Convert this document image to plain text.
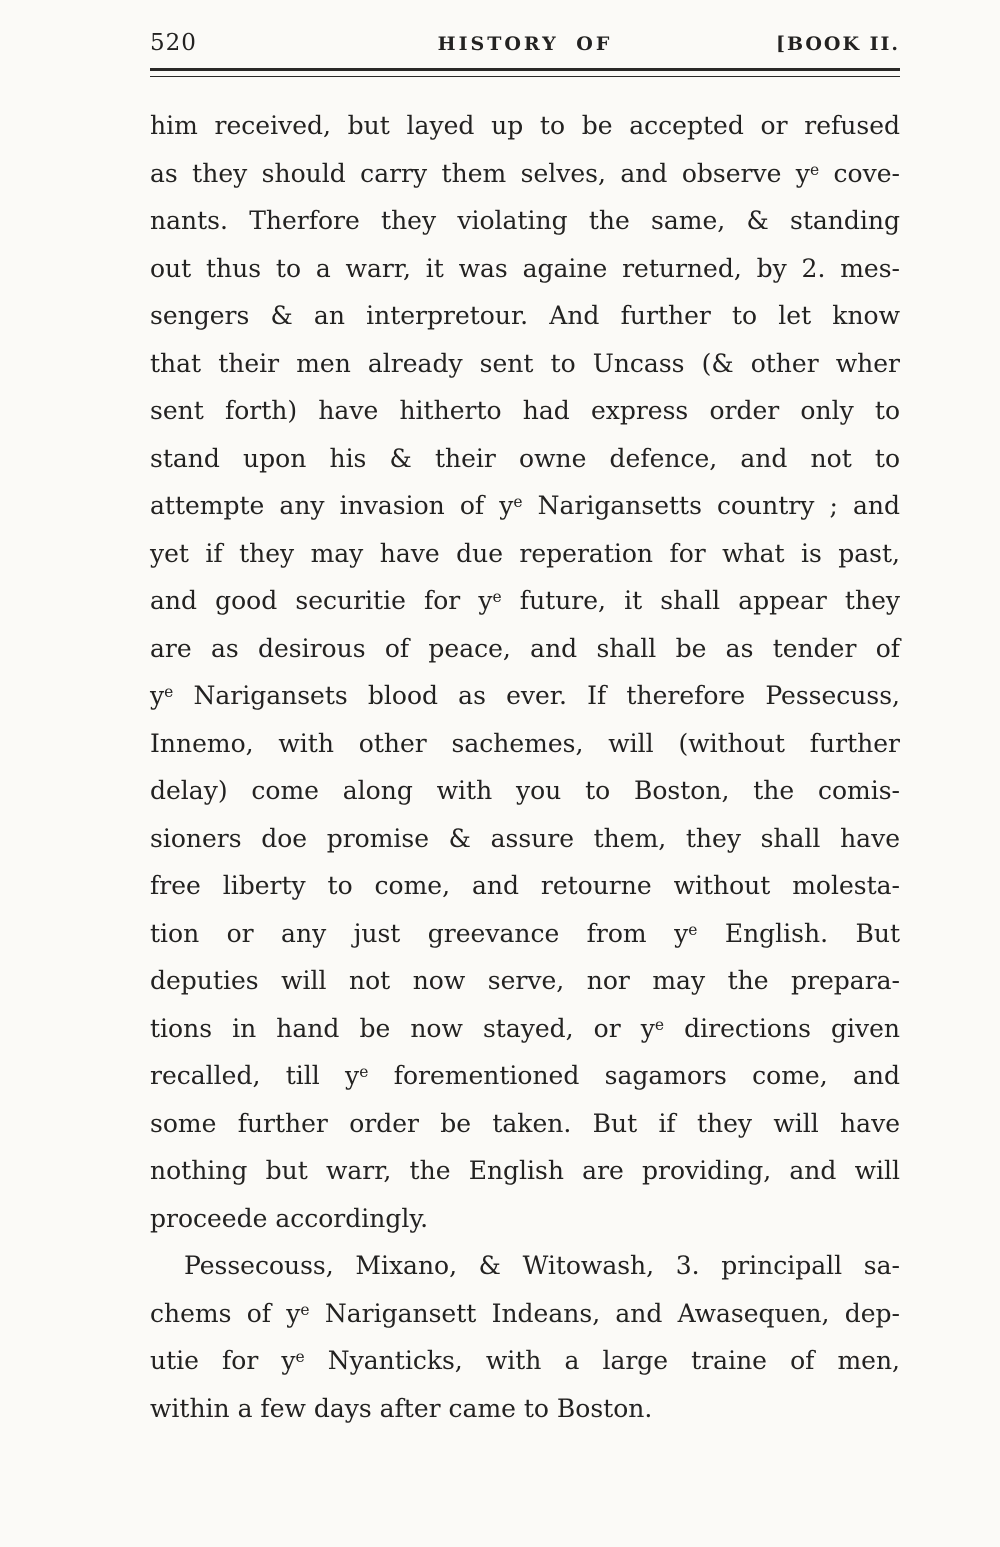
520	HISTORY OF	[BOOK II.
him received, but layed up to be accepted or refused
as they should carry them selves, and observe $y^e$ cove-
nants. Therfore they violating the same, & standing
out thus to a warr, it was againe returned, by 2. mes-
sengers & an interpretour. And further to let know
that their men already sent to Uncass (& other wher
sent forth) have hitherto had express order only to
stand upon his & their owne defence, and not to
attempte any invasion of $y^e$ Narigansetts country ; and
yet if they may have due reperation for what is past,
and good securitie for $y^e$ future, it shall appear they
are as desirous of peace, and shall be as tender of
$y^e$ Narigansets blood as ever. If therefore Pessecuss,
Innemo, with other sachemes, will (without further
delay) come along with you to Boston, the comis-
sioners doe promise & assure them, they shall have
free liberty to come, and retourne without molesta-
tion or any just greevance from $y^e$ English. But
deputies will not now serve, nor may the prepara-
tions in hand be now stayed, or $y^e$ directions given
recalled, till $y^e$ forementioned sagamors come, and
some further order be taken. But if they will have
nothing but warr, the English are providing, and will
proceede accordingly.
Pessecouss, Mixano, & Witowash, 3. principall sa-
chems of $y^e$ Narigansett Indeans, and Awasequen, dep-
utie for $y^e$ Nyanticks, with a large traine of men,
within a few days after came to Boston.
